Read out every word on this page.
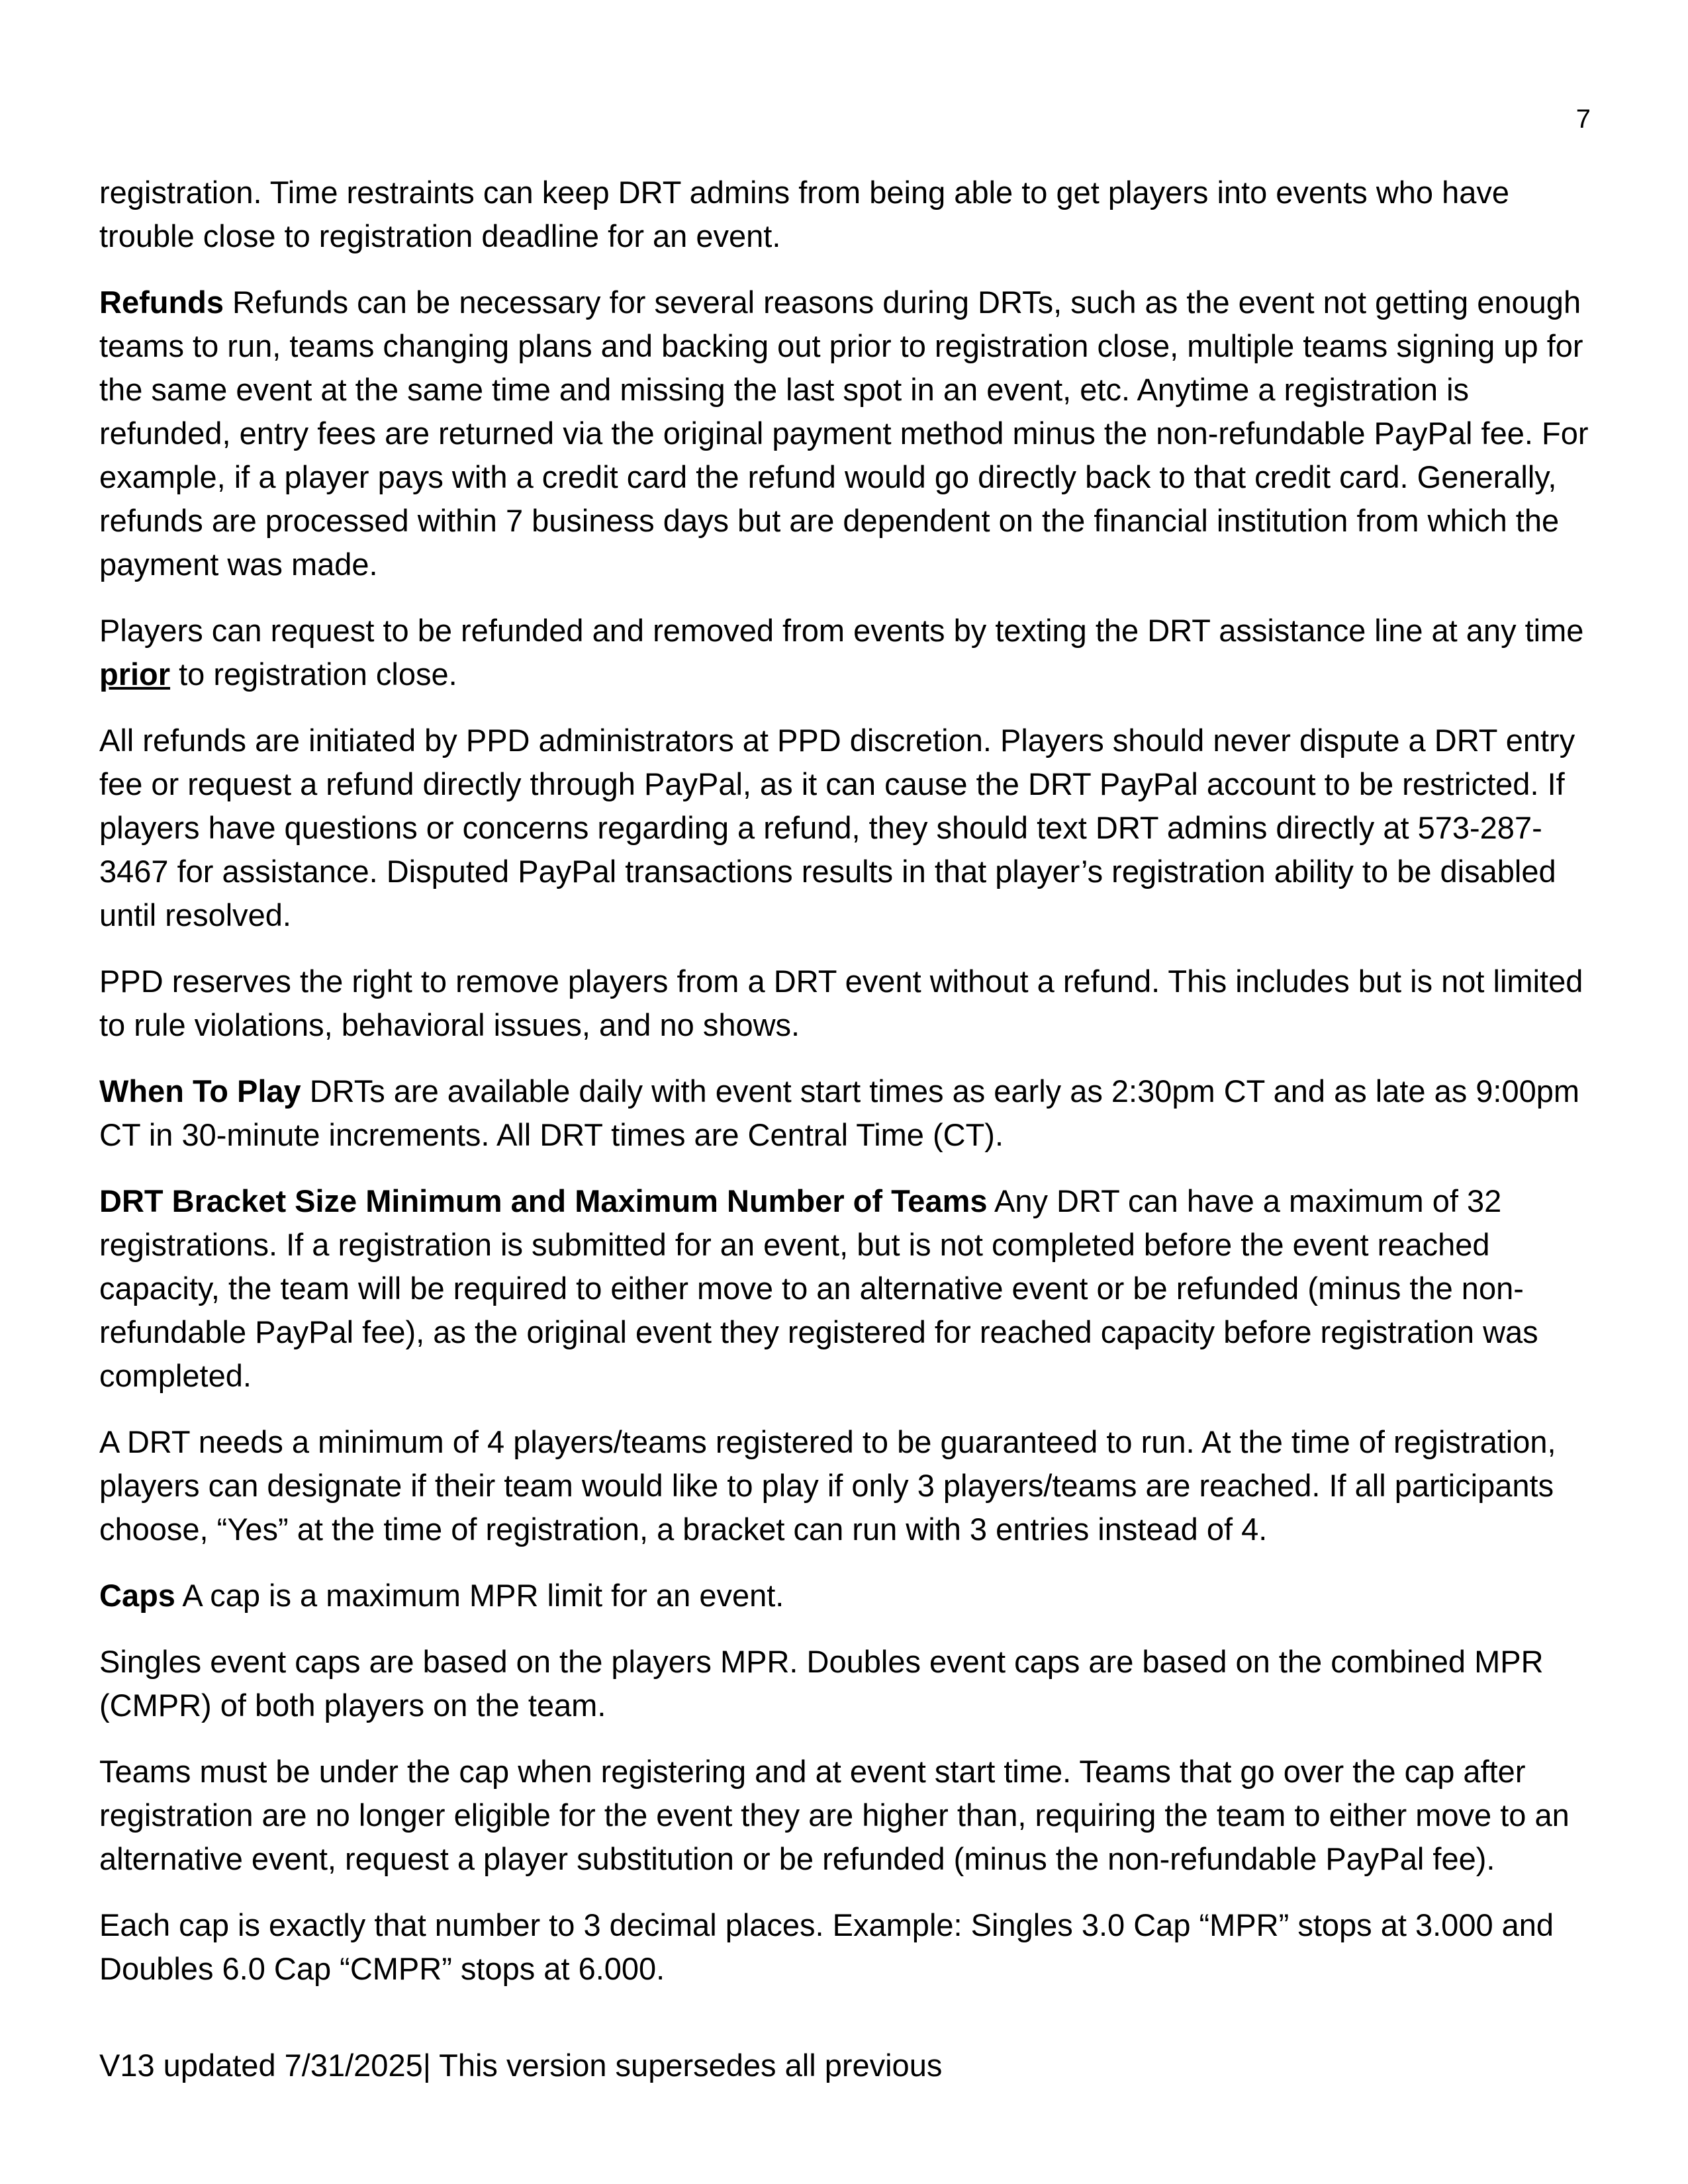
7

registration. Time restraints can keep DRT admins from being able to get players into events who have trouble close to registration deadline for an event.

Refunds Refunds can be necessary for several reasons during DRTs, such as the event not getting enough teams to run, teams changing plans and backing out prior to registration close, multiple teams signing up for the same event at the same time and missing the last spot in an event, etc. Anytime a registration is refunded, entry fees are returned via the original payment method minus the non-refundable PayPal fee. For example, if a player pays with a credit card the refund would go directly back to that credit card. Generally, refunds are processed within 7 business days but are dependent on the financial institution from which the payment was made.

Players can request to be refunded and removed from events by texting the DRT assistance line at any time prior to registration close.

All refunds are initiated by PPD administrators at PPD discretion. Players should never dispute a DRT entry fee or request a refund directly through PayPal, as it can cause the DRT PayPal account to be restricted. If players have questions or concerns regarding a refund, they should text DRT admins directly at 573-287-3467 for assistance. Disputed PayPal transactions results in that player’s registration ability to be disabled until resolved.

PPD reserves the right to remove players from a DRT event without a refund. This includes but is not limited to rule violations, behavioral issues, and no shows.

When To Play DRTs are available daily with event start times as early as 2:30pm CT and as late as 9:00pm CT in 30-minute increments. All DRT times are Central Time (CT).

DRT Bracket Size Minimum and Maximum Number of Teams Any DRT can have a maximum of 32 registrations. If a registration is submitted for an event, but is not completed before the event reached capacity, the team will be required to either move to an alternative event or be refunded (minus the non-refundable PayPal fee), as the original event they registered for reached capacity before registration was completed.

A DRT needs a minimum of 4 players/teams registered to be guaranteed to run. At the time of registration, players can designate if their team would like to play if only 3 players/teams are reached. If all participants choose, “Yes” at the time of registration, a bracket can run with 3 entries instead of 4.

Caps A cap is a maximum MPR limit for an event.

Singles event caps are based on the players MPR. Doubles event caps are based on the combined MPR (CMPR) of both players on the team.

Teams must be under the cap when registering and at event start time. Teams that go over the cap after registration are no longer eligible for the event they are higher than, requiring the team to either move to an alternative event, request a player substitution or be refunded (minus the non-refundable PayPal fee).

Each cap is exactly that number to 3 decimal places. Example: Singles 3.0 Cap “MPR” stops at 3.000 and Doubles 6.0 Cap “CMPR” stops at 6.000.

V13 updated 7/31/2025| This version supersedes all previous
